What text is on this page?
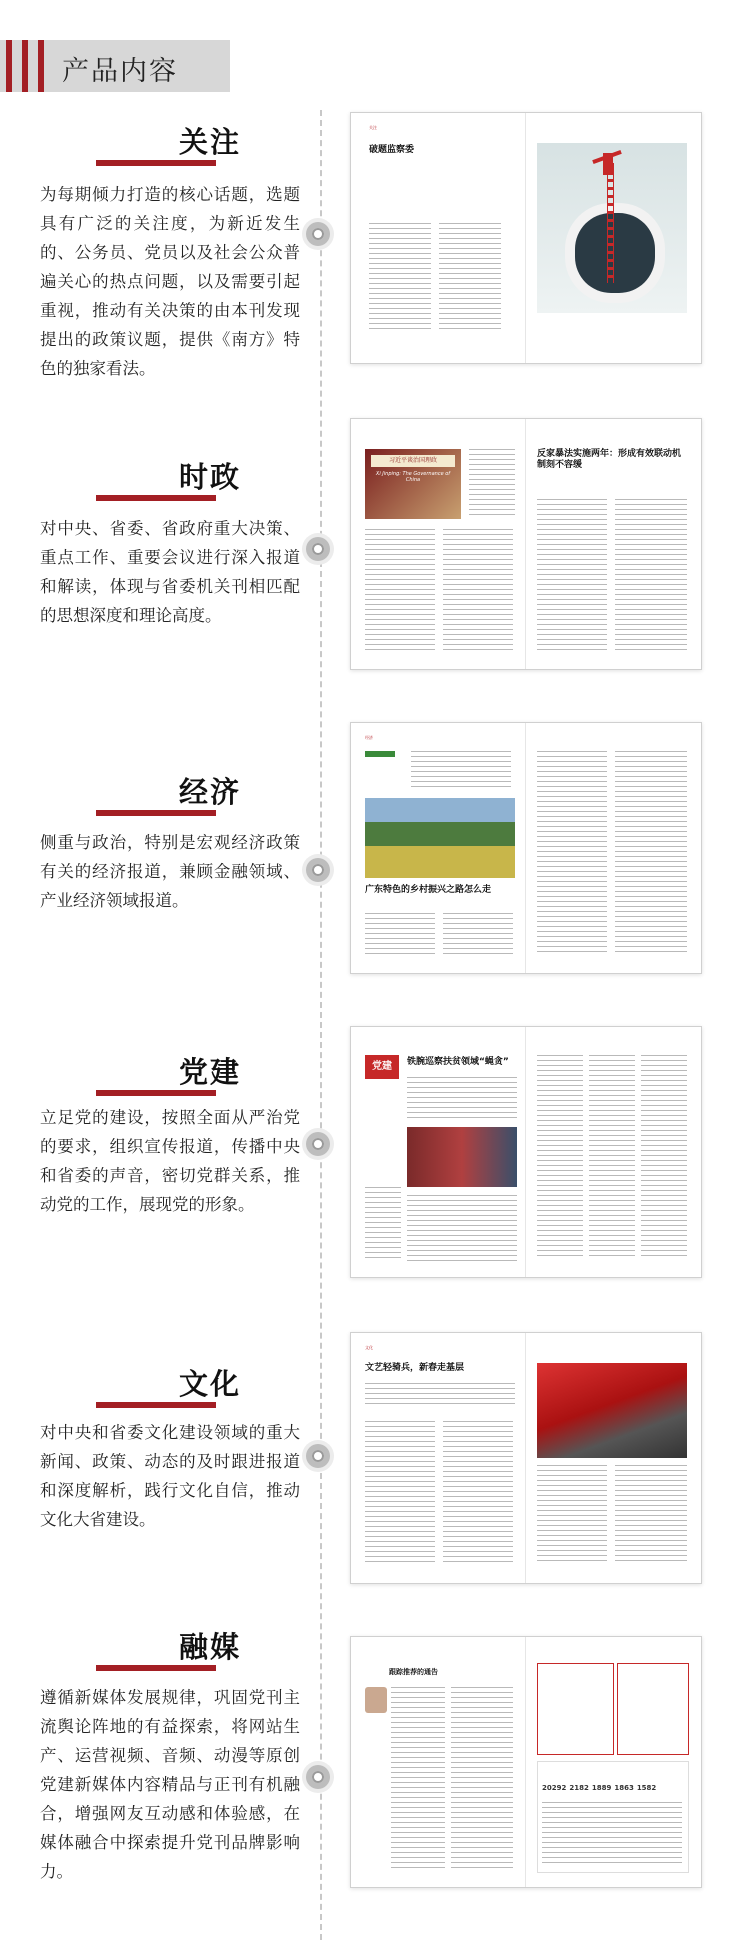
产品内容
关注
为每期倾力打造的核心话题，选题具有广泛的关注度，为新近发生的、公务员、党员以及社会公众普遍关心的热点问题，以及需要引起重视，推动有关决策的由本刊发现提出的政策议题，提供《南方》特色的独家看法。
关注
破题监察委
时政
对中央、省委、省政府重大决策、重点工作、重要会议进行深入报道和解读，体现与省委机关刊相匹配的思想深度和理论高度。
习近平谈治国理政
Xi Jinping: The Governance of China
反家暴法实施两年：形成有效联动机制刻不容缓
经济
侧重与政治，特别是宏观经济政策有关的经济报道，兼顾金融领域、产业经济领域报道。
经济
广东特色的乡村振兴之路怎么走
党建
立足党的建设，按照全面从严治党的要求，组织宣传报道，传播中央和省委的声音，密切党群关系，推动党的工作，展现党的形象。
党建	铁腕巡察扶贫领域“蝇贪”
文化
对中央和省委文化建设领域的重大新闻、政策、动态的及时跟进报道和深度解析，践行文化自信，推动文化大省建设。
文化
文艺轻骑兵，新春走基层
融媒
遵循新媒体发展规律，巩固党刊主流舆论阵地的有益探索，将网站生产、运营视频、音频、动漫等原创党建新媒体内容精品与正刊有机融合，增强网友互动感和体验感，在媒体融合中探索提升党刊品牌影响力。
跟踪推荐的通告
20292 2182 1889 1863 1582
